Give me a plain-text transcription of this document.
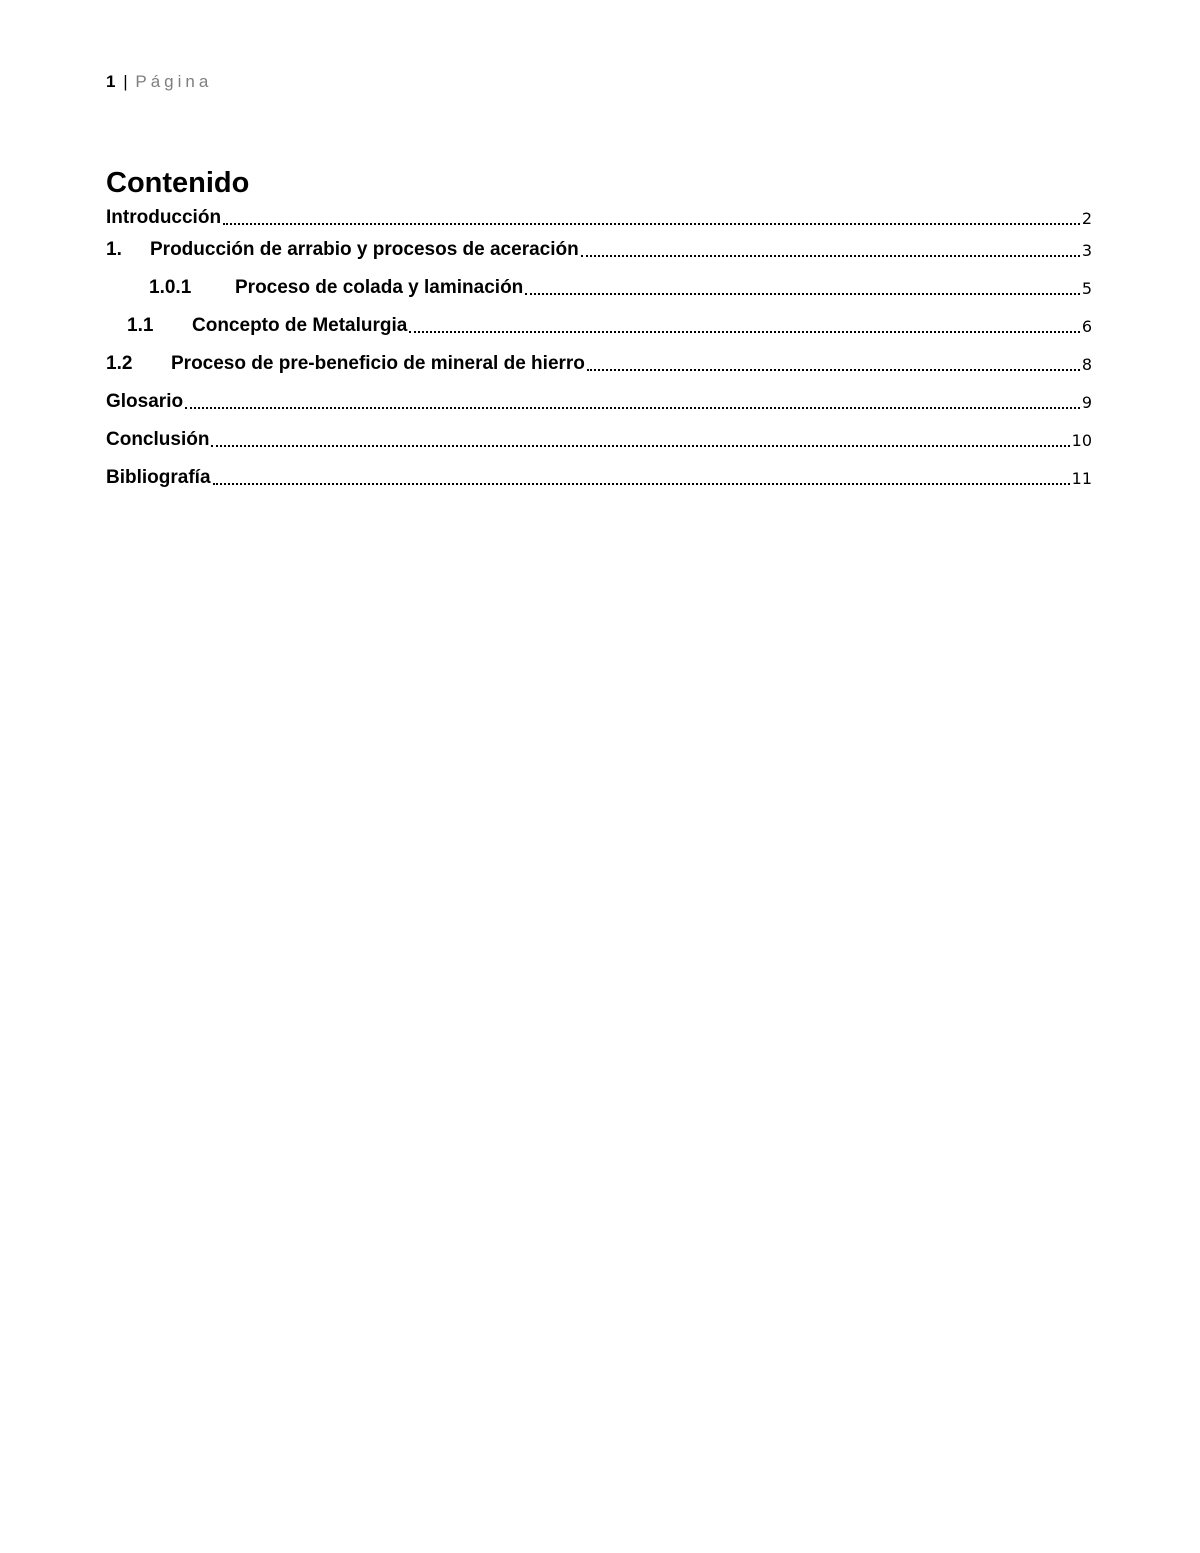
1 | Página
Contenido
Introducción	2
1.	Producción de arrabio y procesos de aceración	3
1.0.1	Proceso de colada y laminación	5
1.1	Concepto de Metalurgia	6
1.2	Proceso de pre-beneficio de mineral de hierro	8
Glosario	9
Conclusión	10
Bibliografía	11
